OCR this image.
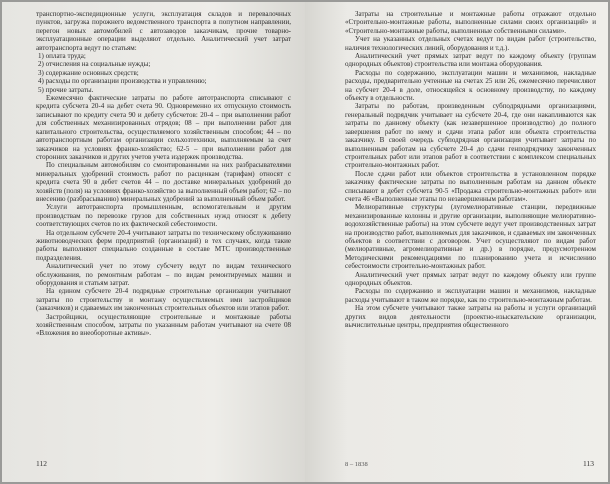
транспортно-экспедиционные услуги, эксплуатация складов и перевалочных пунктов, загрузка порожнего ведомственного транспорта в попутном направлении, перегон новых автомобилей с автозаводов заказчикам, прочие товарно-эксплуатационные операции выделяют отдельно. Аналитический учет затрат автотранспорта ведут по статьям:

1) оплата труда;

2) отчисления на социальные нужды;

3) содержание основных средств;

4) расходы по организации производства и управлению;

5) прочие затраты.

Ежемесячно фактические затраты по работе автотранспорта списывают с кредита субсчета 20-4 на дебет счета 90. Одновременно их отпускную стоимость записывают по кредиту счета 90 и дебету субсчетов: 20-4 – при выполнении работ для собственных механизированных отрядов; 08 – при выполнении работ для капитального строительства, осуществляемого хозяйственным способом; 44 – по автотранспортным работам организации сельхозтехники, выполняемым за счет заказчиков на условиях франко-хозяйство; 62-5 – при выполнении работ для сторонних заказчиков и других учетов учета издержек производства.

По специальным автомобилям со смонтированными на них разбрасывателями минеральных удобрений стоимость работ по расценкам (тарифам) относят с кредита счета 90 в дебет счетов 44 – по доставке минеральных удобрений до хозяйств (поля) на условиях франко-хозяйство за выполненный объем работ; 62 – по внесению (разбрасыванию) минеральных удобрений за выполненный объем работ.

Услуги автотранспорта промышленным, вспомогательным и другим производствам по перевозке грузов для собственных нужд относят к дебету соответствующих счетов по их фактической себестоимости.

На отдельном субсчете 20-4 учитывают затраты по техническому обслуживанию животноводческих ферм предприятий (организаций) в тех случаях, когда такие работы выполняют специально созданные в составе МТС производственные подразделения.

Аналитический учет по этому субсчету ведут по видам технического обслуживания, по ремонтным работам – по видам ремонтируемых машин и оборудования и статьям затрат.

На едином субсчете 20-4 подрядные строительные организации учитывают затраты по строительству и монтажу осуществляемых ими застройщиков (заказчиков) и сдаваемых им законченных строительных объектов или этапов работ.

Застройщики, осуществляющие строительные и монтажные работы хозяйственным способом, затраты по указанным работам учитывают на счете 08 «Вложения во внеоборотные активы».

112

Затраты на строительные и монтажные работы отражают отдельно «Строительно-монтажные работы, выполненные силами своих организаций» и «Строительно-монтажные работы, выполненные собственными силами».

Учет на указанных отдельных счетах ведут по видам работ (строительство, наличия технологических линий, оборудования и т.д.).

Аналитический учет прямых затрат ведут по каждому объекту (группам однородных объектов) строительства или монтажа оборудования.

Расходы по содержанию, эксплуатации машин и механизмов, накладные расходы, предварительно учтенные на счетах 25 или 26, ежемесячно перечисляют на субсчет 20-4 в доле, относящейся к основному производству, по каждому объекту в отдельности.

Затраты по работам, произведенным субподрядными организациями, генеральный подрядчик учитывает на субсчете 20-4, где они накапливаются как затраты по данному объекту (как незавершенное производство) до полного завершения работ по нему и сдачи этапа работ или объекта строительства заказчику. В своей очередь субподрядная организация учитывает затраты по выполненным работам на субсчете 20-4 до сдачи генподрядчику законченных строительных работ или этапов работ в соответствии с комплексом специальных строительно-монтажных работ.

После сдачи работ или объектов строительства в установленном порядке заказчику фактические затраты по выполненным работам на данном объекте списывают в дебет субсчета 90-5 «Продажа строительно-монтажных работ» или счета 46 «Выполненные этапы по незавершенным работам».

Мелиоративные структуры (лугомелиоративные станции, передвижные механизированные колонны и другие организации, выполняющие мелиоративно-водохозяйственные работы) на этом субсчете ведут учет производственных затрат на производство работ, выполняемых для заказчиков, и сдаваемых им законченных объектов в соответствии с договором. Учет осуществляют по видам работ (мелиоративные, агромелиоративные и др.) в порядке, предусмотренном Методическими рекомендациями по планированию учета и исчислению себестоимости строительно-монтажных работ.

Аналитический учет прямых затрат ведут по каждому объекту или группе однородных объектов.

Расходы по содержанию и эксплуатации машин и механизмов, накладные расходы учитывают в таком же порядке, как по строительно-монтажным работам.

На этом субсчете учитывают также затраты на работы и услуги организаций других видов деятельности (проектно-изыскательские организации, вычислительные центры, предприятия общественного

8 – 1838	113
